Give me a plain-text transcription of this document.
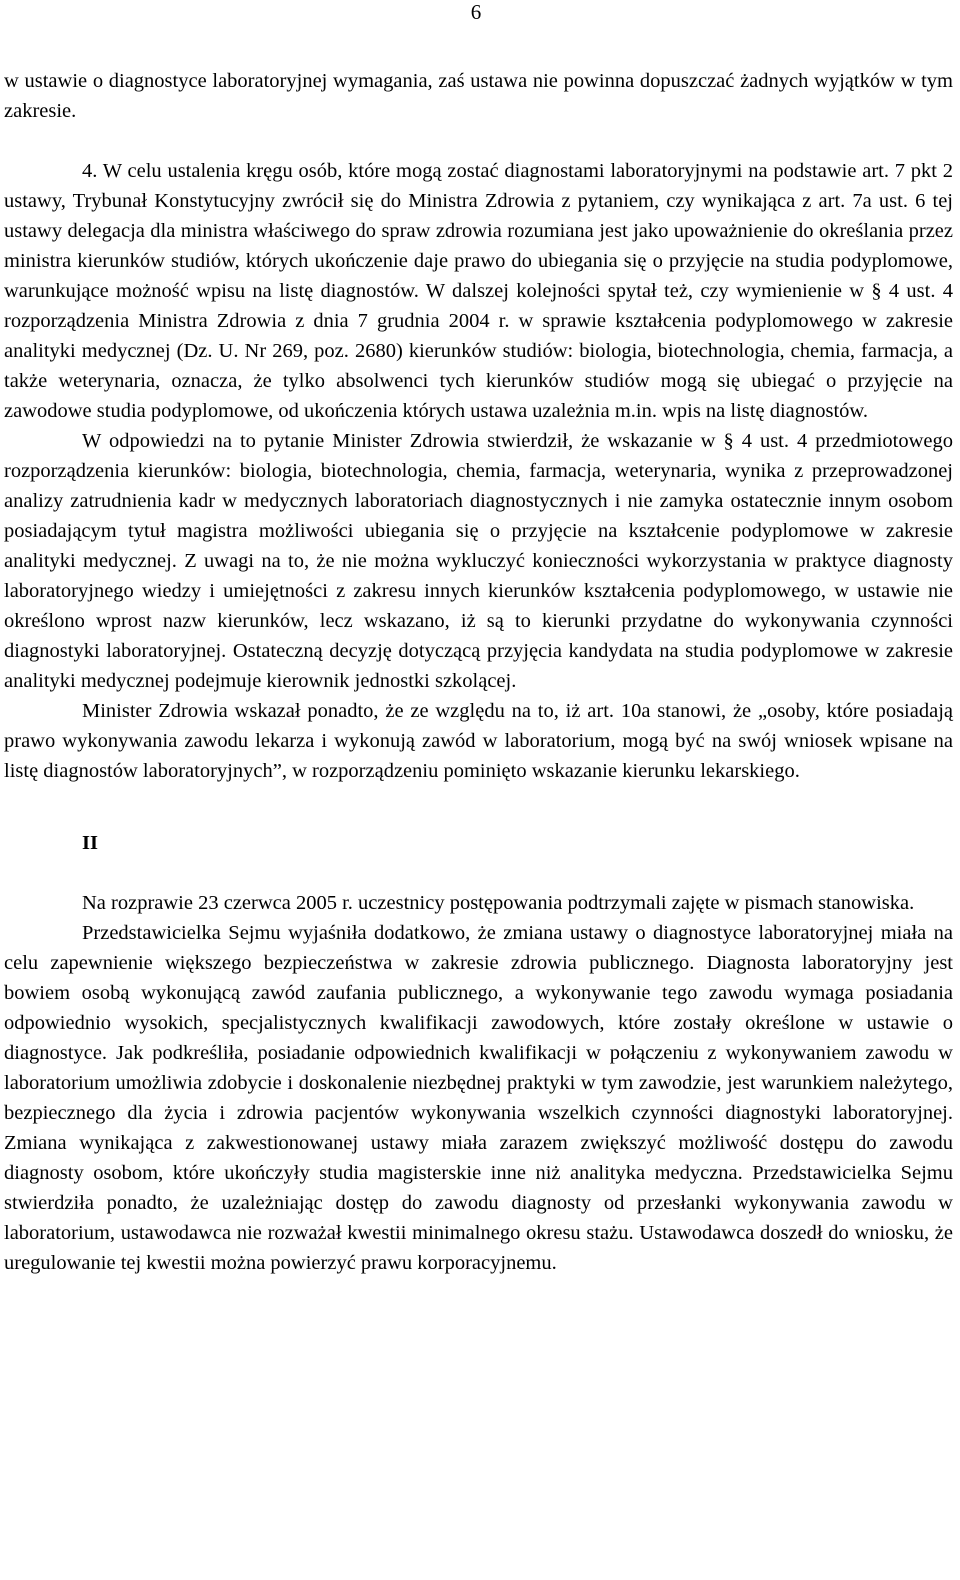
6

w ustawie o diagnostyce laboratoryjnej wymagania, zaś ustawa nie powinna dopuszczać żadnych wyjątków w tym zakresie.

4. W celu ustalenia kręgu osób, które mogą zostać diagnostami laboratoryjnymi na podstawie art. 7 pkt 2 ustawy, Trybunał Konstytucyjny zwrócił się do Ministra Zdrowia z pytaniem, czy wynikająca z art. 7a ust. 6 tej ustawy delegacja dla ministra właściwego do spraw zdrowia rozumiana jest jako upoważnienie do określania przez ministra kierunków studiów, których ukończenie daje prawo do ubiegania się o przyjęcie na studia podyplomowe, warunkujące możność wpisu na listę diagnostów. W dalszej kolejności spytał też, czy wymienienie w § 4 ust. 4 rozporządzenia Ministra Zdrowia z dnia 7 grudnia 2004 r. w sprawie kształcenia podyplomowego w zakresie analityki medycznej (Dz. U. Nr 269, poz. 2680) kierunków studiów: biologia, biotechnologia, chemia, farmacja, a także weterynaria, oznacza, że tylko absolwenci tych kierunków studiów mogą się ubiegać o przyjęcie na zawodowe studia podyplomowe, od ukończenia których ustawa uzależnia m.in. wpis na listę diagnostów.

W odpowiedzi na to pytanie Minister Zdrowia stwierdził, że wskazanie w § 4 ust. 4 przedmiotowego rozporządzenia kierunków: biologia, biotechnologia, chemia, farmacja, weterynaria, wynika z przeprowadzonej analizy zatrudnienia kadr w medycznych laboratoriach diagnostycznych i nie zamyka ostatecznie innym osobom posiadającym tytuł magistra możliwości ubiegania się o przyjęcie na kształcenie podyplomowe w zakresie analityki medycznej. Z uwagi na to, że nie można wykluczyć konieczności wykorzystania w praktyce diagnosty laboratoryjnego wiedzy i umiejętności z zakresu innych kierunków kształcenia podyplomowego, w ustawie nie określono wprost nazw kierunków, lecz wskazano, iż są to kierunki przydatne do wykonywania czynności diagnostyki laboratoryjnej. Ostateczną decyzję dotyczącą przyjęcia kandydata na studia podyplomowe w zakresie analityki medycznej podejmuje kierownik jednostki szkolącej.

Minister Zdrowia wskazał ponadto, że ze względu na to, iż art. 10a stanowi, że „osoby, które posiadają prawo wykonywania zawodu lekarza i wykonują zawód w laboratorium, mogą być na swój wniosek wpisane na listę diagnostów laboratoryjnych”, w rozporządzeniu pominięto wskazanie kierunku lekarskiego.

II

Na rozprawie 23 czerwca 2005 r. uczestnicy postępowania podtrzymali zajęte w pismach stanowiska.

Przedstawicielka Sejmu wyjaśniła dodatkowo, że zmiana ustawy o diagnostyce laboratoryjnej miała na celu zapewnienie większego bezpieczeństwa w zakresie zdrowia publicznego. Diagnosta laboratoryjny jest bowiem osobą wykonującą zawód zaufania publicznego, a wykonywanie tego zawodu wymaga posiadania odpowiednio wysokich, specjalistycznych kwalifikacji zawodowych, które zostały określone w ustawie o diagnostyce. Jak podkreśliła, posiadanie odpowiednich kwalifikacji w połączeniu z wykonywaniem zawodu w laboratorium umożliwia zdobycie i doskonalenie niezbędnej praktyki w tym zawodzie, jest warunkiem należytego, bezpiecznego dla życia i zdrowia pacjentów wykonywania wszelkich czynności diagnostyki laboratoryjnej. Zmiana wynikająca z zakwestionowanej ustawy miała zarazem zwiększyć możliwość dostępu do zawodu diagnosty osobom, które ukończyły studia magisterskie inne niż analityka medyczna. Przedstawicielka Sejmu stwierdziła ponadto, że uzależniając dostęp do zawodu diagnosty od przesłanki wykonywania zawodu w laboratorium, ustawodawca nie rozważał kwestii minimalnego okresu stażu. Ustawodawca doszedł do wniosku, że uregulowanie tej kwestii można powierzyć prawu korporacyjnemu.
